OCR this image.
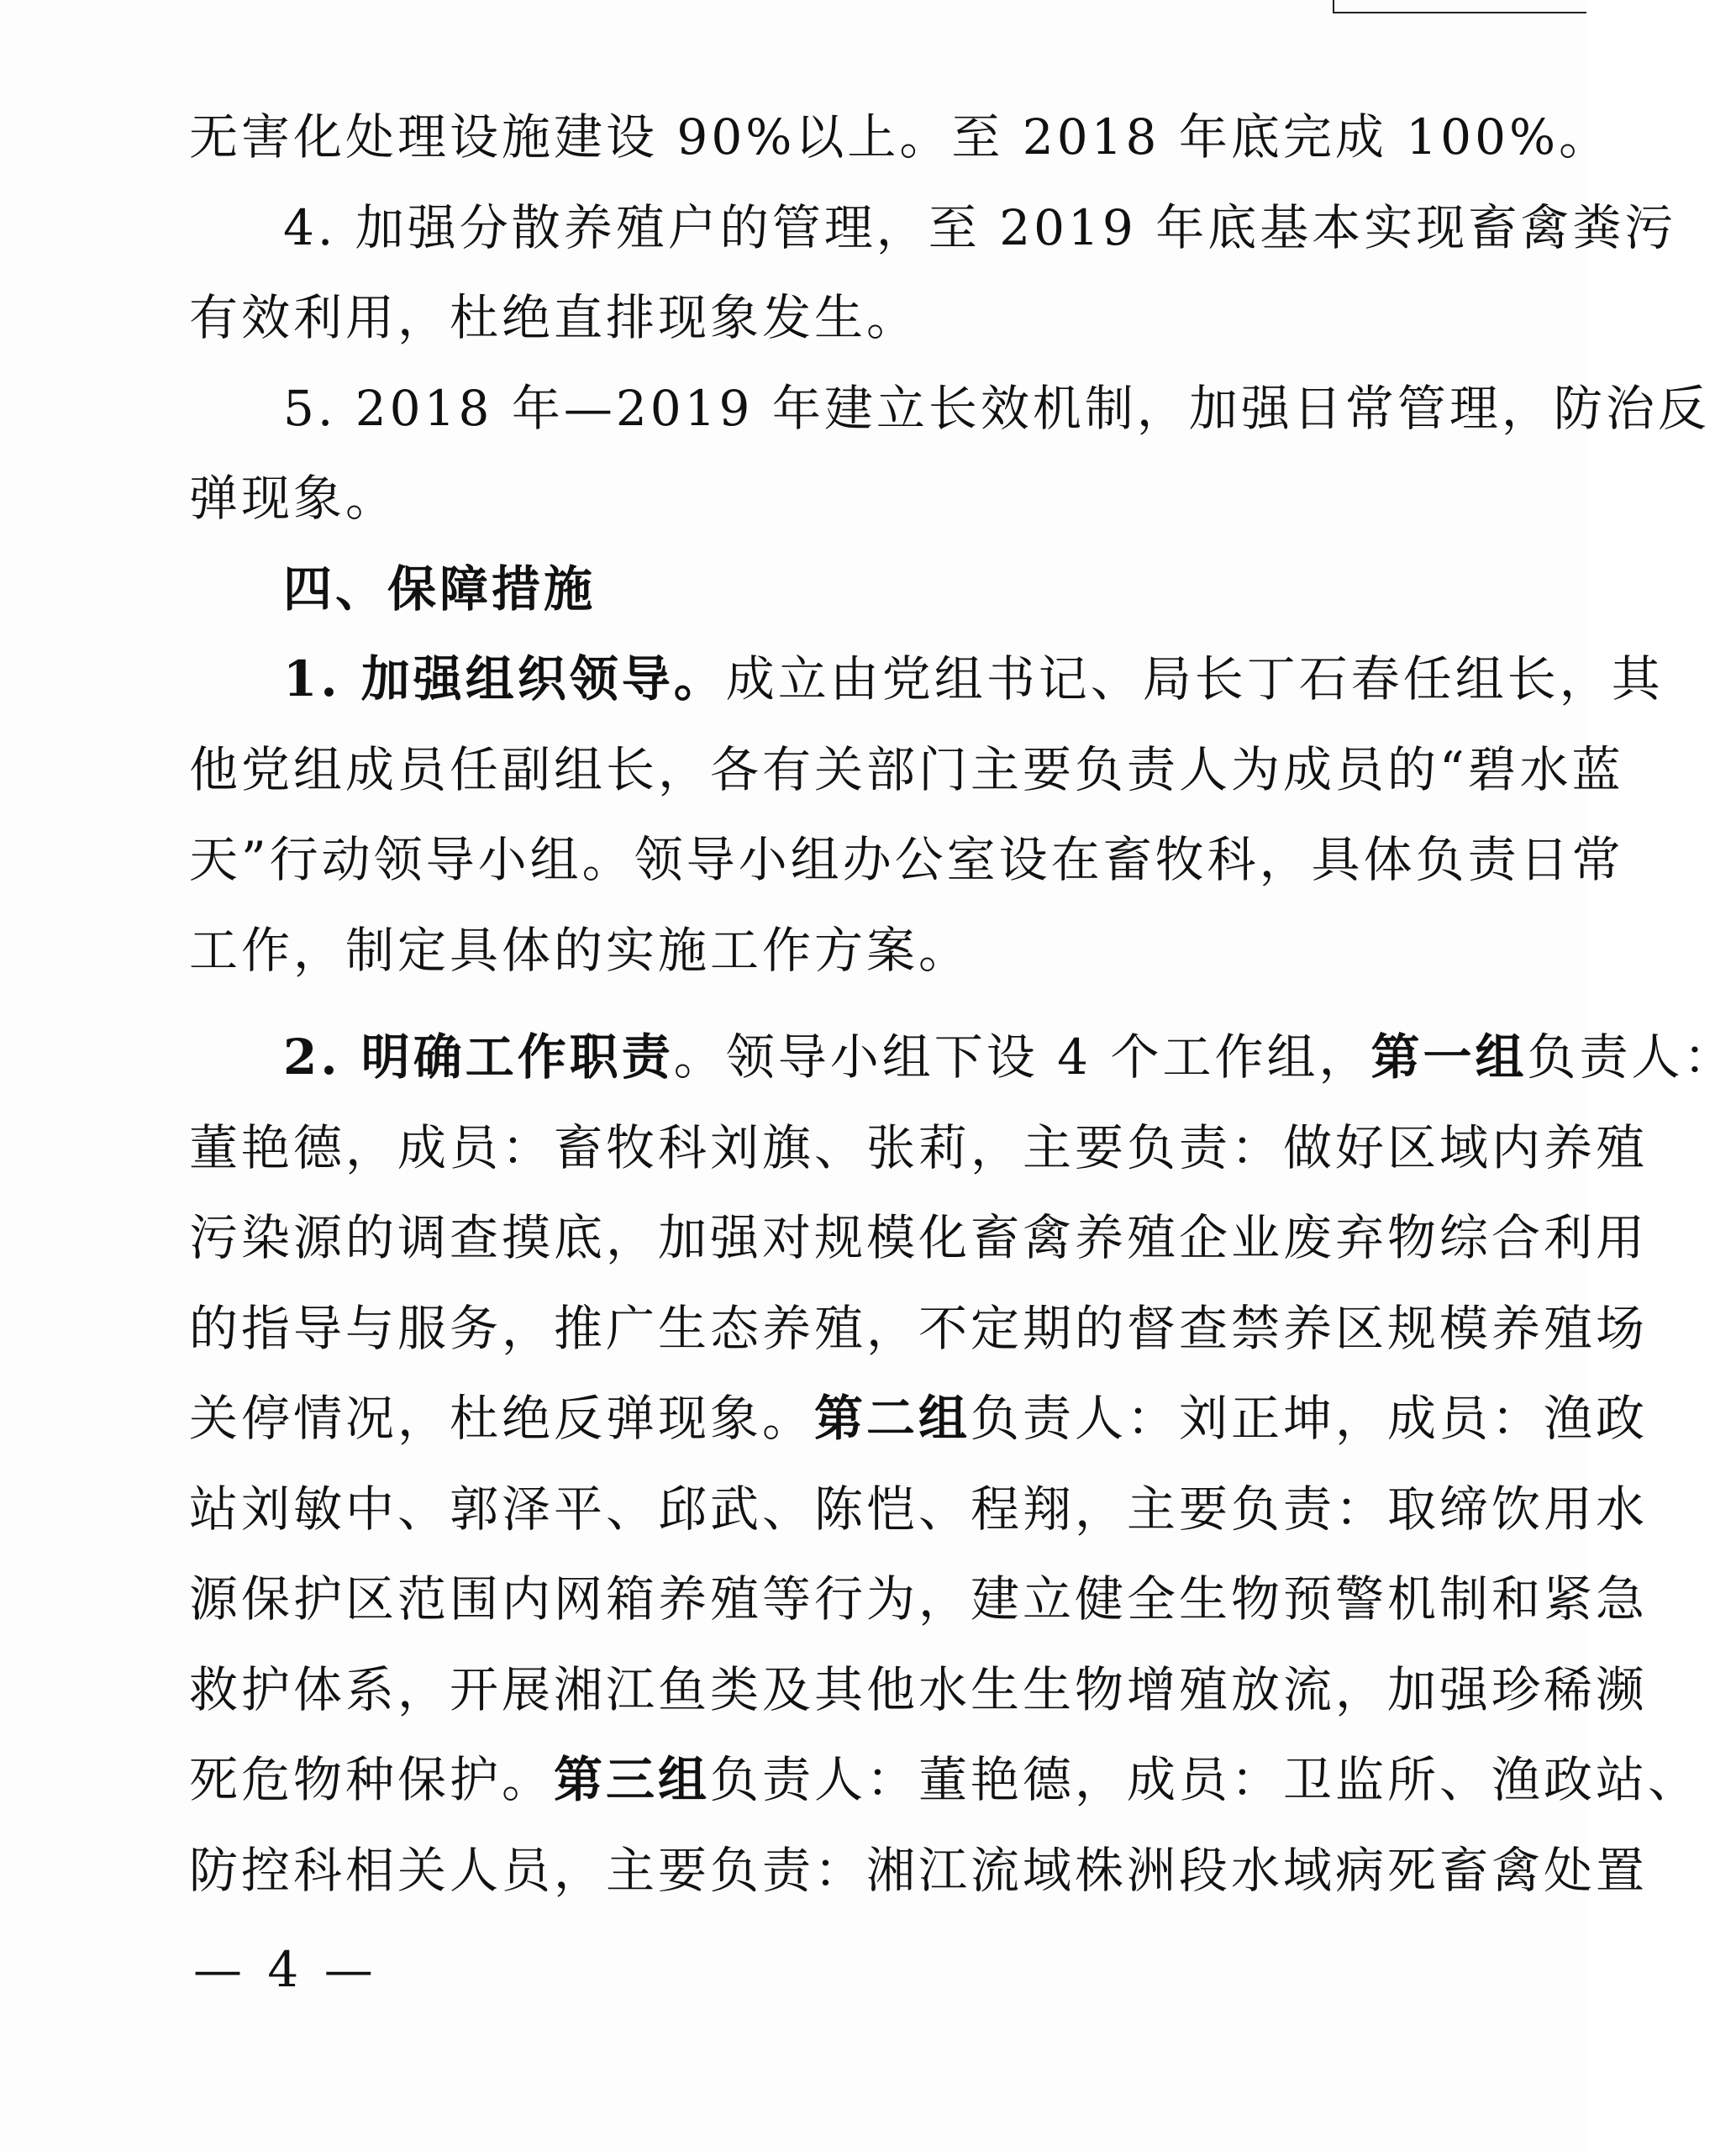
无害化处理设施建设 90%以上。至 2018 年底完成 100%。
4. 加强分散养殖户的管理，至 2019 年底基本实现畜禽粪污
有效利用，杜绝直排现象发生。
5. 2018 年—2019 年建立长效机制，加强日常管理，防治反
弹现象。
四、保障措施
1. 加强组织领导。成立由党组书记、局长丁石春任组长，其
他党组成员任副组长，各有关部门主要负责人为成员的“碧水蓝
天”行动领导小组。领导小组办公室设在畜牧科，具体负责日常
工作，制定具体的实施工作方案。
2. 明确工作职责。领导小组下设 4 个工作组，第一组负责人：
董艳德，成员：畜牧科刘旗、张莉，主要负责：做好区域内养殖
污染源的调查摸底，加强对规模化畜禽养殖企业废弃物综合利用
的指导与服务，推广生态养殖，不定期的督查禁养区规模养殖场
关停情况，杜绝反弹现象。第二组负责人：刘正坤，成员：渔政
站刘敏中、郭泽平、邱武、陈恺、程翔，主要负责：取缔饮用水
源保护区范围内网箱养殖等行为，建立健全生物预警机制和紧急
救护体系，开展湘江鱼类及其他水生生物增殖放流，加强珍稀濒
死危物种保护。第三组负责人：董艳德，成员：卫监所、渔政站、
防控科相关人员，主要负责：湘江流域株洲段水域病死畜禽处置
— 4 —
